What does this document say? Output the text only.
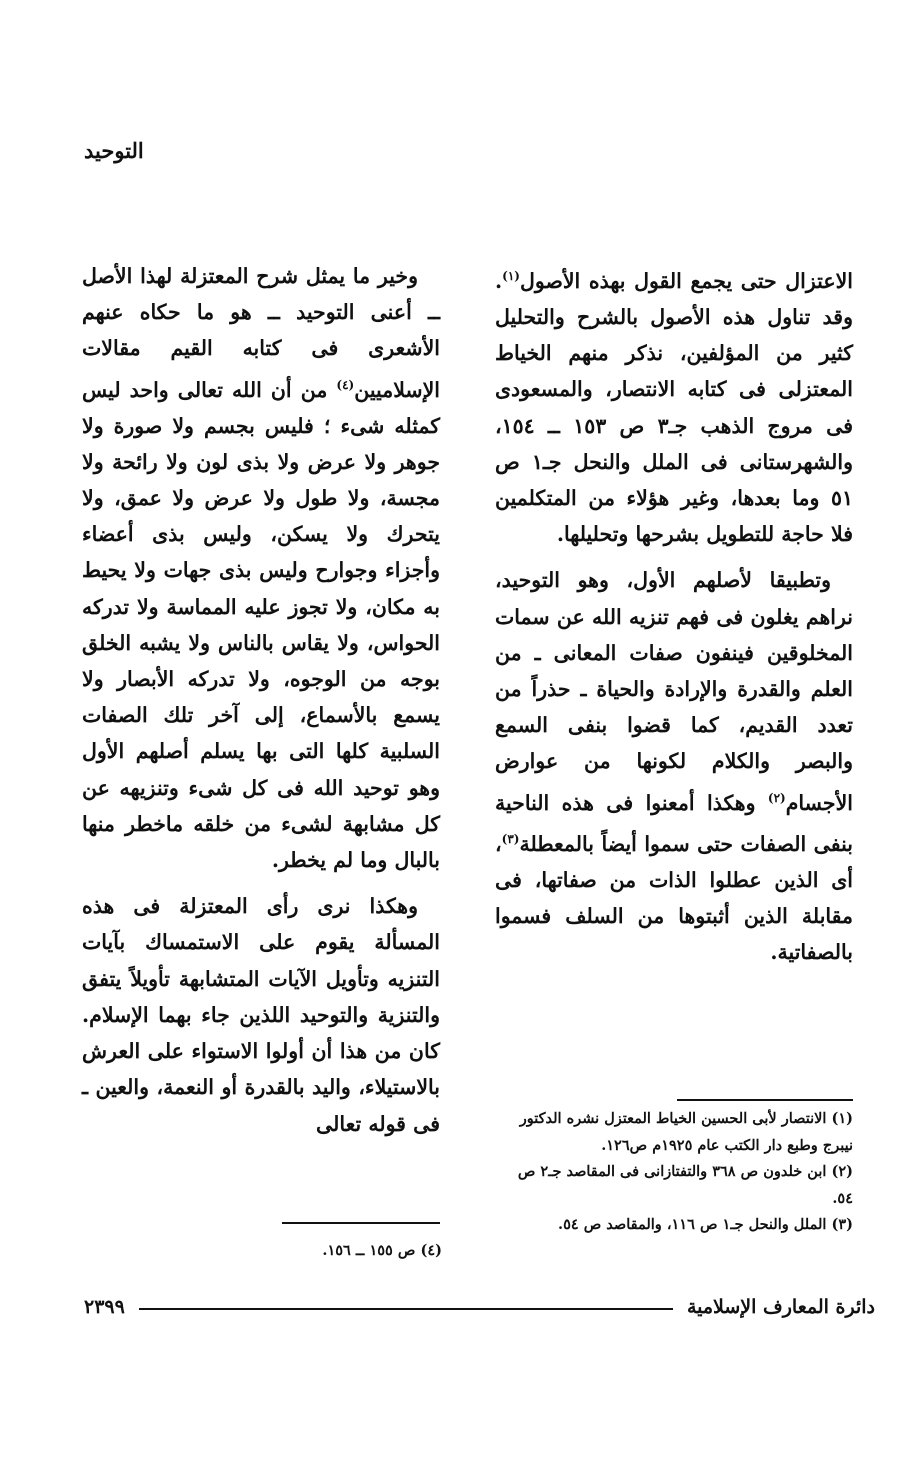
التوحيد

الاعتزال حتى يجمع القول بهذه الأصول$^{(١)}$. وقد تناول هذه الأصول بالشرح والتحليل كثير من المؤلفين، نذكر منهم الخياط المعتزلى فى كتابه الانتصار، والمسعودى فى مروج الذهب جـ٣ ص ١٥٣ ــ ١٥٤، والشهرستانى فى الملل والنحل جـ١ ص ٥١ وما بعدها، وغير هؤلاء من المتكلمين فلا حاجة للتطويل بشرحها وتحليلها.

وتطبيقا لأصلهم الأول، وهو التوحيد، نراهم يغلون فى فهم تنزيه الله عن سمات المخلوقين فينفون صفات المعانى ـ من العلم والقدرة والإرادة والحياة ـ حذراً من تعدد القديم، كما قضوا بنفى السمع والبصر والكلام لكونها من عوارض الأجسام$^{(٢)}$ وهكذا أمعنوا فى هذه الناحية بنفى الصفات حتى سموا أيضاً بالمعطلة$^{(٣)}$، أى الذين عطلوا الذات من صفاتها، فى مقابلة الذين أثبتوها من السلف فسموا بالصفاتية.

(١) الانتصار لأبى الحسين الخياط المعتزل نشره الدكتور نيبرج وطبع دار الكتب عام ١٩٢٥م ص١٢٦.

(٢) ابن خلدون ص ٣٦٨ والتفتازانى فى المقاصد جـ٢ ص ٥٤.

(٣) الملل والنحل جـ١ ص ١١٦، والمقاصد ص ٥٤.

وخير ما يمثل شرح المعتزلة لهذا الأصل ــ أعنى التوحيد ــ هو ما حكاه عنهم الأشعرى فى كتابه القيم مقالات الإسلاميين$^{(٤)}$ من أن الله تعالى واحد ليس كمثله شىء ؛ فليس بجسم ولا صورة ولا جوهر ولا عرض ولا بذى لون ولا رائحة ولا مجسة، ولا طول ولا عرض ولا عمق، ولا يتحرك ولا يسكن، وليس بذى أعضاء وأجزاء وجوارح وليس بذى جهات ولا يحيط به مكان، ولا تجوز عليه المماسة ولا تدركه الحواس، ولا يقاس بالناس ولا يشبه الخلق بوجه من الوجوه، ولا تدركه الأبصار ولا يسمع بالأسماع، إلى آخر تلك الصفات السلبية كلها التى بها يسلم أصلهم الأول وهو توحيد الله فى كل شىء وتنزيهه عن كل مشابهة لشىء من خلقه ماخطر منها بالبال وما لم يخطر.

وهكذا نرى رأى المعتزلة فى هذه المسألة يقوم على الاستمساك بآيات التنزيه وتأويل الآيات المتشابهة تأويلاً يتفق والتنزية والتوحيد اللذين جاء بهما الإسلام. كان من هذا أن أولوا الاستواء على العرش بالاستيلاء، واليد بالقدرة أو النعمة، والعين ـ فى قوله تعالى

(٤) ص ١٥٥ ــ ١٥٦.

دائرة المعارف الإسلامية
٢٣٩٩
